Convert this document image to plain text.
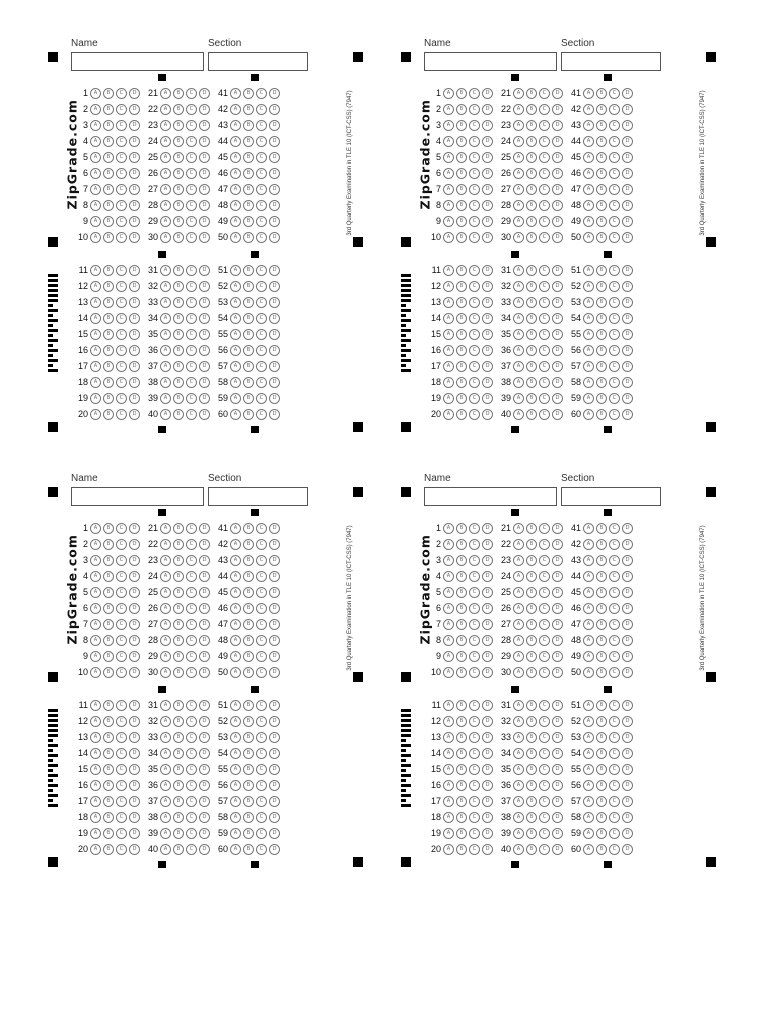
Name	Section
ZipGrade.com	3rd Quarterly Examination in TLE 10 (ICT-CSS) (7947)
1	A	B	C	D
2	A	B	C	D
3	A	B	C	D
4	A	B	C	D
5	A	B	C	D
6	A	B	C	D
7	A	B	C	D
8	A	B	C	D
9	A	B	C	D
10	A	B	C	D
11	A	B	C	D
12	A	B	C	D
13	A	B	C	D
14	A	B	C	D
15	A	B	C	D
16	A	B	C	D
17	A	B	C	D
18	A	B	C	D
19	A	B	C	D
20	A	B	C	D
21	A	B	C	D
22	A	B	C	D
23	A	B	C	D
24	A	B	C	D
25	A	B	C	D
26	A	B	C	D
27	A	B	C	D
28	A	B	C	D
29	A	B	C	D
30	A	B	C	D
31	A	B	C	D
32	A	B	C	D
33	A	B	C	D
34	A	B	C	D
35	A	B	C	D
36	A	B	C	D
37	A	B	C	D
38	A	B	C	D
39	A	B	C	D
40	A	B	C	D
41	A	B	C	D
42	A	B	C	D
43	A	B	C	D
44	A	B	C	D
45	A	B	C	D
46	A	B	C	D
47	A	B	C	D
48	A	B	C	D
49	A	B	C	D
50	A	B	C	D
51	A	B	C	D
52	A	B	C	D
53	A	B	C	D
54	A	B	C	D
55	A	B	C	D
56	A	B	C	D
57	A	B	C	D
58	A	B	C	D
59	A	B	C	D
60	A	B	C	D
Name	Section
ZipGrade.com	3rd Quarterly Examination in TLE 10 (ICT-CSS) (7947)
1	A	B	C	D
2	A	B	C	D
3	A	B	C	D
4	A	B	C	D
5	A	B	C	D
6	A	B	C	D
7	A	B	C	D
8	A	B	C	D
9	A	B	C	D
10	A	B	C	D
11	A	B	C	D
12	A	B	C	D
13	A	B	C	D
14	A	B	C	D
15	A	B	C	D
16	A	B	C	D
17	A	B	C	D
18	A	B	C	D
19	A	B	C	D
20	A	B	C	D
21	A	B	C	D
22	A	B	C	D
23	A	B	C	D
24	A	B	C	D
25	A	B	C	D
26	A	B	C	D
27	A	B	C	D
28	A	B	C	D
29	A	B	C	D
30	A	B	C	D
31	A	B	C	D
32	A	B	C	D
33	A	B	C	D
34	A	B	C	D
35	A	B	C	D
36	A	B	C	D
37	A	B	C	D
38	A	B	C	D
39	A	B	C	D
40	A	B	C	D
41	A	B	C	D
42	A	B	C	D
43	A	B	C	D
44	A	B	C	D
45	A	B	C	D
46	A	B	C	D
47	A	B	C	D
48	A	B	C	D
49	A	B	C	D
50	A	B	C	D
51	A	B	C	D
52	A	B	C	D
53	A	B	C	D
54	A	B	C	D
55	A	B	C	D
56	A	B	C	D
57	A	B	C	D
58	A	B	C	D
59	A	B	C	D
60	A	B	C	D
Name	Section
ZipGrade.com	3rd Quarterly Examination in TLE 10 (ICT-CSS) (7947)
1	A	B	C	D
2	A	B	C	D
3	A	B	C	D
4	A	B	C	D
5	A	B	C	D
6	A	B	C	D
7	A	B	C	D
8	A	B	C	D
9	A	B	C	D
10	A	B	C	D
11	A	B	C	D
12	A	B	C	D
13	A	B	C	D
14	A	B	C	D
15	A	B	C	D
16	A	B	C	D
17	A	B	C	D
18	A	B	C	D
19	A	B	C	D
20	A	B	C	D
21	A	B	C	D
22	A	B	C	D
23	A	B	C	D
24	A	B	C	D
25	A	B	C	D
26	A	B	C	D
27	A	B	C	D
28	A	B	C	D
29	A	B	C	D
30	A	B	C	D
31	A	B	C	D
32	A	B	C	D
33	A	B	C	D
34	A	B	C	D
35	A	B	C	D
36	A	B	C	D
37	A	B	C	D
38	A	B	C	D
39	A	B	C	D
40	A	B	C	D
41	A	B	C	D
42	A	B	C	D
43	A	B	C	D
44	A	B	C	D
45	A	B	C	D
46	A	B	C	D
47	A	B	C	D
48	A	B	C	D
49	A	B	C	D
50	A	B	C	D
51	A	B	C	D
52	A	B	C	D
53	A	B	C	D
54	A	B	C	D
55	A	B	C	D
56	A	B	C	D
57	A	B	C	D
58	A	B	C	D
59	A	B	C	D
60	A	B	C	D
Name	Section
ZipGrade.com	3rd Quarterly Examination in TLE 10 (ICT-CSS) (7947)
1	A	B	C	D
2	A	B	C	D
3	A	B	C	D
4	A	B	C	D
5	A	B	C	D
6	A	B	C	D
7	A	B	C	D
8	A	B	C	D
9	A	B	C	D
10	A	B	C	D
11	A	B	C	D
12	A	B	C	D
13	A	B	C	D
14	A	B	C	D
15	A	B	C	D
16	A	B	C	D
17	A	B	C	D
18	A	B	C	D
19	A	B	C	D
20	A	B	C	D
21	A	B	C	D
22	A	B	C	D
23	A	B	C	D
24	A	B	C	D
25	A	B	C	D
26	A	B	C	D
27	A	B	C	D
28	A	B	C	D
29	A	B	C	D
30	A	B	C	D
31	A	B	C	D
32	A	B	C	D
33	A	B	C	D
34	A	B	C	D
35	A	B	C	D
36	A	B	C	D
37	A	B	C	D
38	A	B	C	D
39	A	B	C	D
40	A	B	C	D
41	A	B	C	D
42	A	B	C	D
43	A	B	C	D
44	A	B	C	D
45	A	B	C	D
46	A	B	C	D
47	A	B	C	D
48	A	B	C	D
49	A	B	C	D
50	A	B	C	D
51	A	B	C	D
52	A	B	C	D
53	A	B	C	D
54	A	B	C	D
55	A	B	C	D
56	A	B	C	D
57	A	B	C	D
58	A	B	C	D
59	A	B	C	D
60	A	B	C	D
